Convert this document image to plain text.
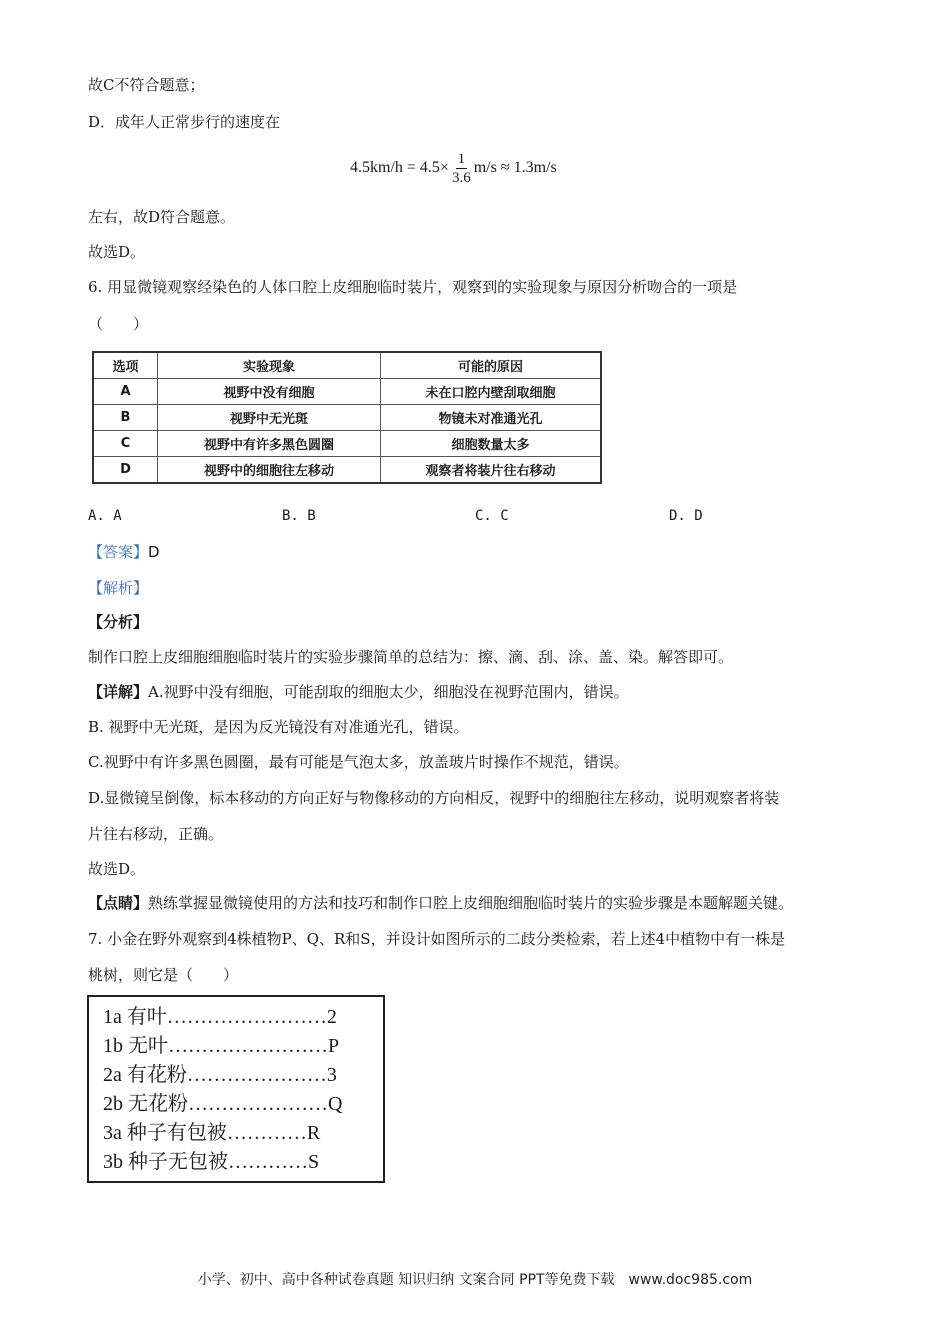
故C不符合题意；
D．成年人正常步行的速度在
$4.5km/h = 4.5\times \frac{1}{3.6} m/s \approx 1.3m/s$
左右，故D符合题意。
故选D。
6. 用显微镜观察经染色的人体口腔上皮细胞临时装片，观察到的实验现象与原因分析吻合的一项是
（　　）
选项	实验现象	可能的原因
A	视野中没有细胞	未在口腔内壁刮取细胞
B	视野中无光斑	物镜未对准通光孔
C	视野中有许多黑色圆圈	细胞数量太多
D	视野中的细胞往左移动	观察者将装片往右移动
A. A	B. B	C. C	D. D
【答案】D
【解析】
【分析】
制作口腔上皮细胞细胞临时装片的实验步骤简单的总结为：擦、滴、刮、涂、盖、染。解答即可。
【详解】A.视野中没有细胞，可能刮取的细胞太少，细胞没在视野范围内，错误。
B. 视野中无光斑，是因为反光镜没有对准通光孔，错误。
C.视野中有许多黑色圆圈，最有可能是气泡太多，放盖玻片时操作不规范，错误。
D.显微镜呈倒像，标本移动的方向正好与物像移动的方向相反，视野中的细胞往左移动，说明观察者将装
片往右移动，正确。
故选D。
【点睛】熟练掌握显微镜使用的方法和技巧和制作口腔上皮细胞细胞临时装片的实验步骤是本题解题关键。
7. 小金在野外观察到4株植物P、Q、R和S，并设计如图所示的二歧分类检索，若上述4中植物中有一株是
桃树，则它是（　　）
1a 有叶……………………2
1b 无叶……………………P
2a 有花粉…………………3
2b 无花粉…………………Q
3a 种子有包被…………R
3b 种子无包被…………S
小学、初中、高中各种试卷真题 知识归纳 文案合同 PPT等免费下载　www.doc985.com
